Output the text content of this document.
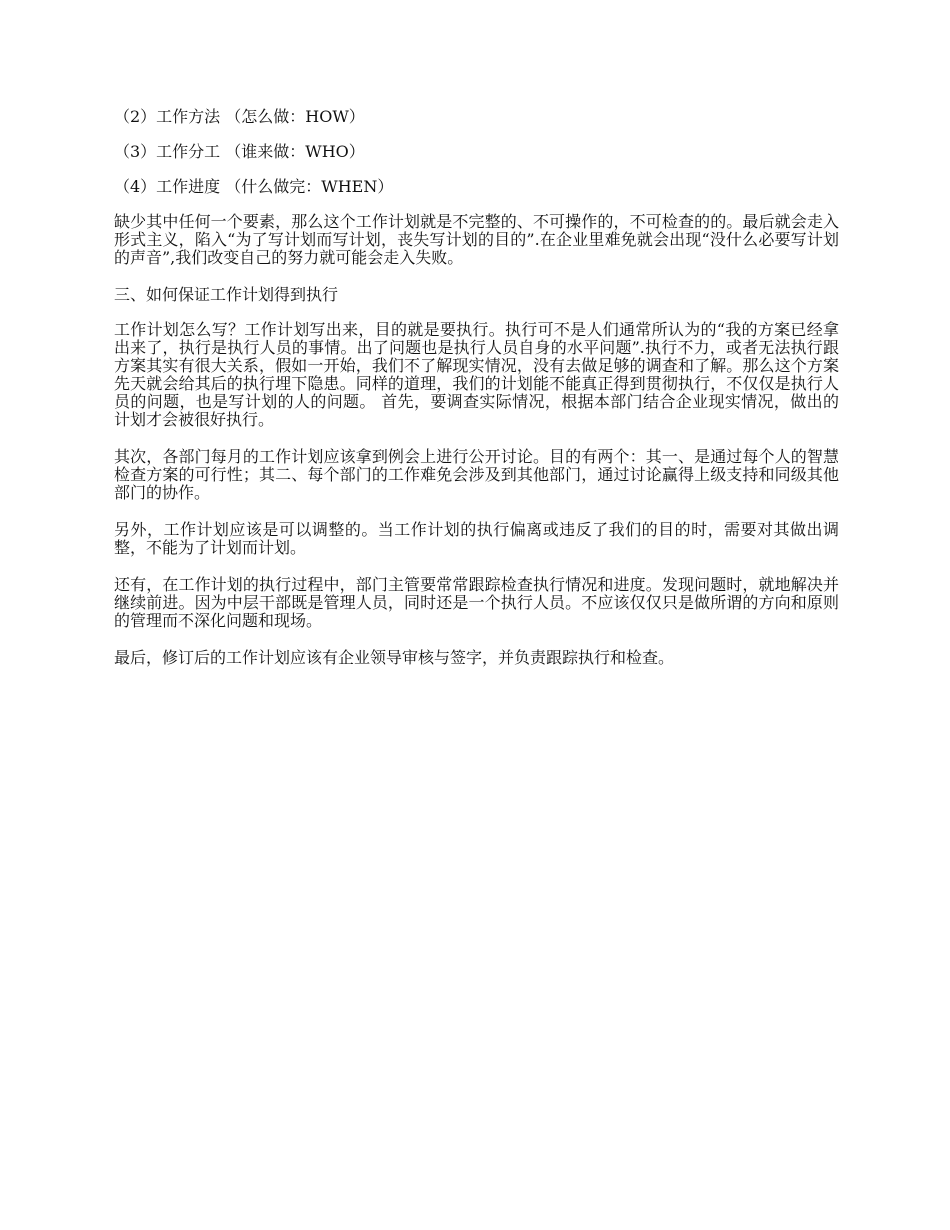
（2）工作方法 （怎么做：HOW）

（3）工作分工 （谁来做：WHO）

（4）工作进度 （什么做完：WHEN）

缺少其中任何一个要素，那么这个工作计划就是不完整的、不可操作的，不可检查的的。最后就会走入形式主义，陷入“为了写计划而写计划，丧失写计划的目的”.在企业里难免就会出现“没什么必要写计划的声音”,我们改变自己的努力就可能会走入失败。

三、如何保证工作计划得到执行

工作计划怎么写？工作计划写出来，目的就是要执行。执行可不是人们通常所认为的“我的方案已经拿出来了，执行是执行人员的事情。出了问题也是执行人员自身的水平问题”.执行不力，或者无法执行跟方案其实有很大关系，假如一开始，我们不了解现实情况，没有去做足够的调查和了解。那么这个方案先天就会给其后的执行埋下隐患。同样的道理，我们的计划能不能真正得到贯彻执行，不仅仅是执行人员的问题，也是写计划的人的问题。 首先，要调查实际情况，根据本部门结合企业现实情况，做出的计划才会被很好执行。

其次，各部门每月的工作计划应该拿到例会上进行公开讨论。目的有两个：其一、是通过每个人的智慧检查方案的可行性；其二、每个部门的工作难免会涉及到其他部门，通过讨论赢得上级支持和同级其他部门的协作。

另外，工作计划应该是可以调整的。当工作计划的执行偏离或违反了我们的目的时，需要对其做出调整，不能为了计划而计划。

还有，在工作计划的执行过程中，部门主管要常常跟踪检查执行情况和进度。发现问题时，就地解决并继续前进。因为中层干部既是管理人员，同时还是一个执行人员。不应该仅仅只是做所谓的方向和原则的管理而不深化问题和现场。

最后，修订后的工作计划应该有企业领导审核与签字，并负责跟踪执行和检查。
